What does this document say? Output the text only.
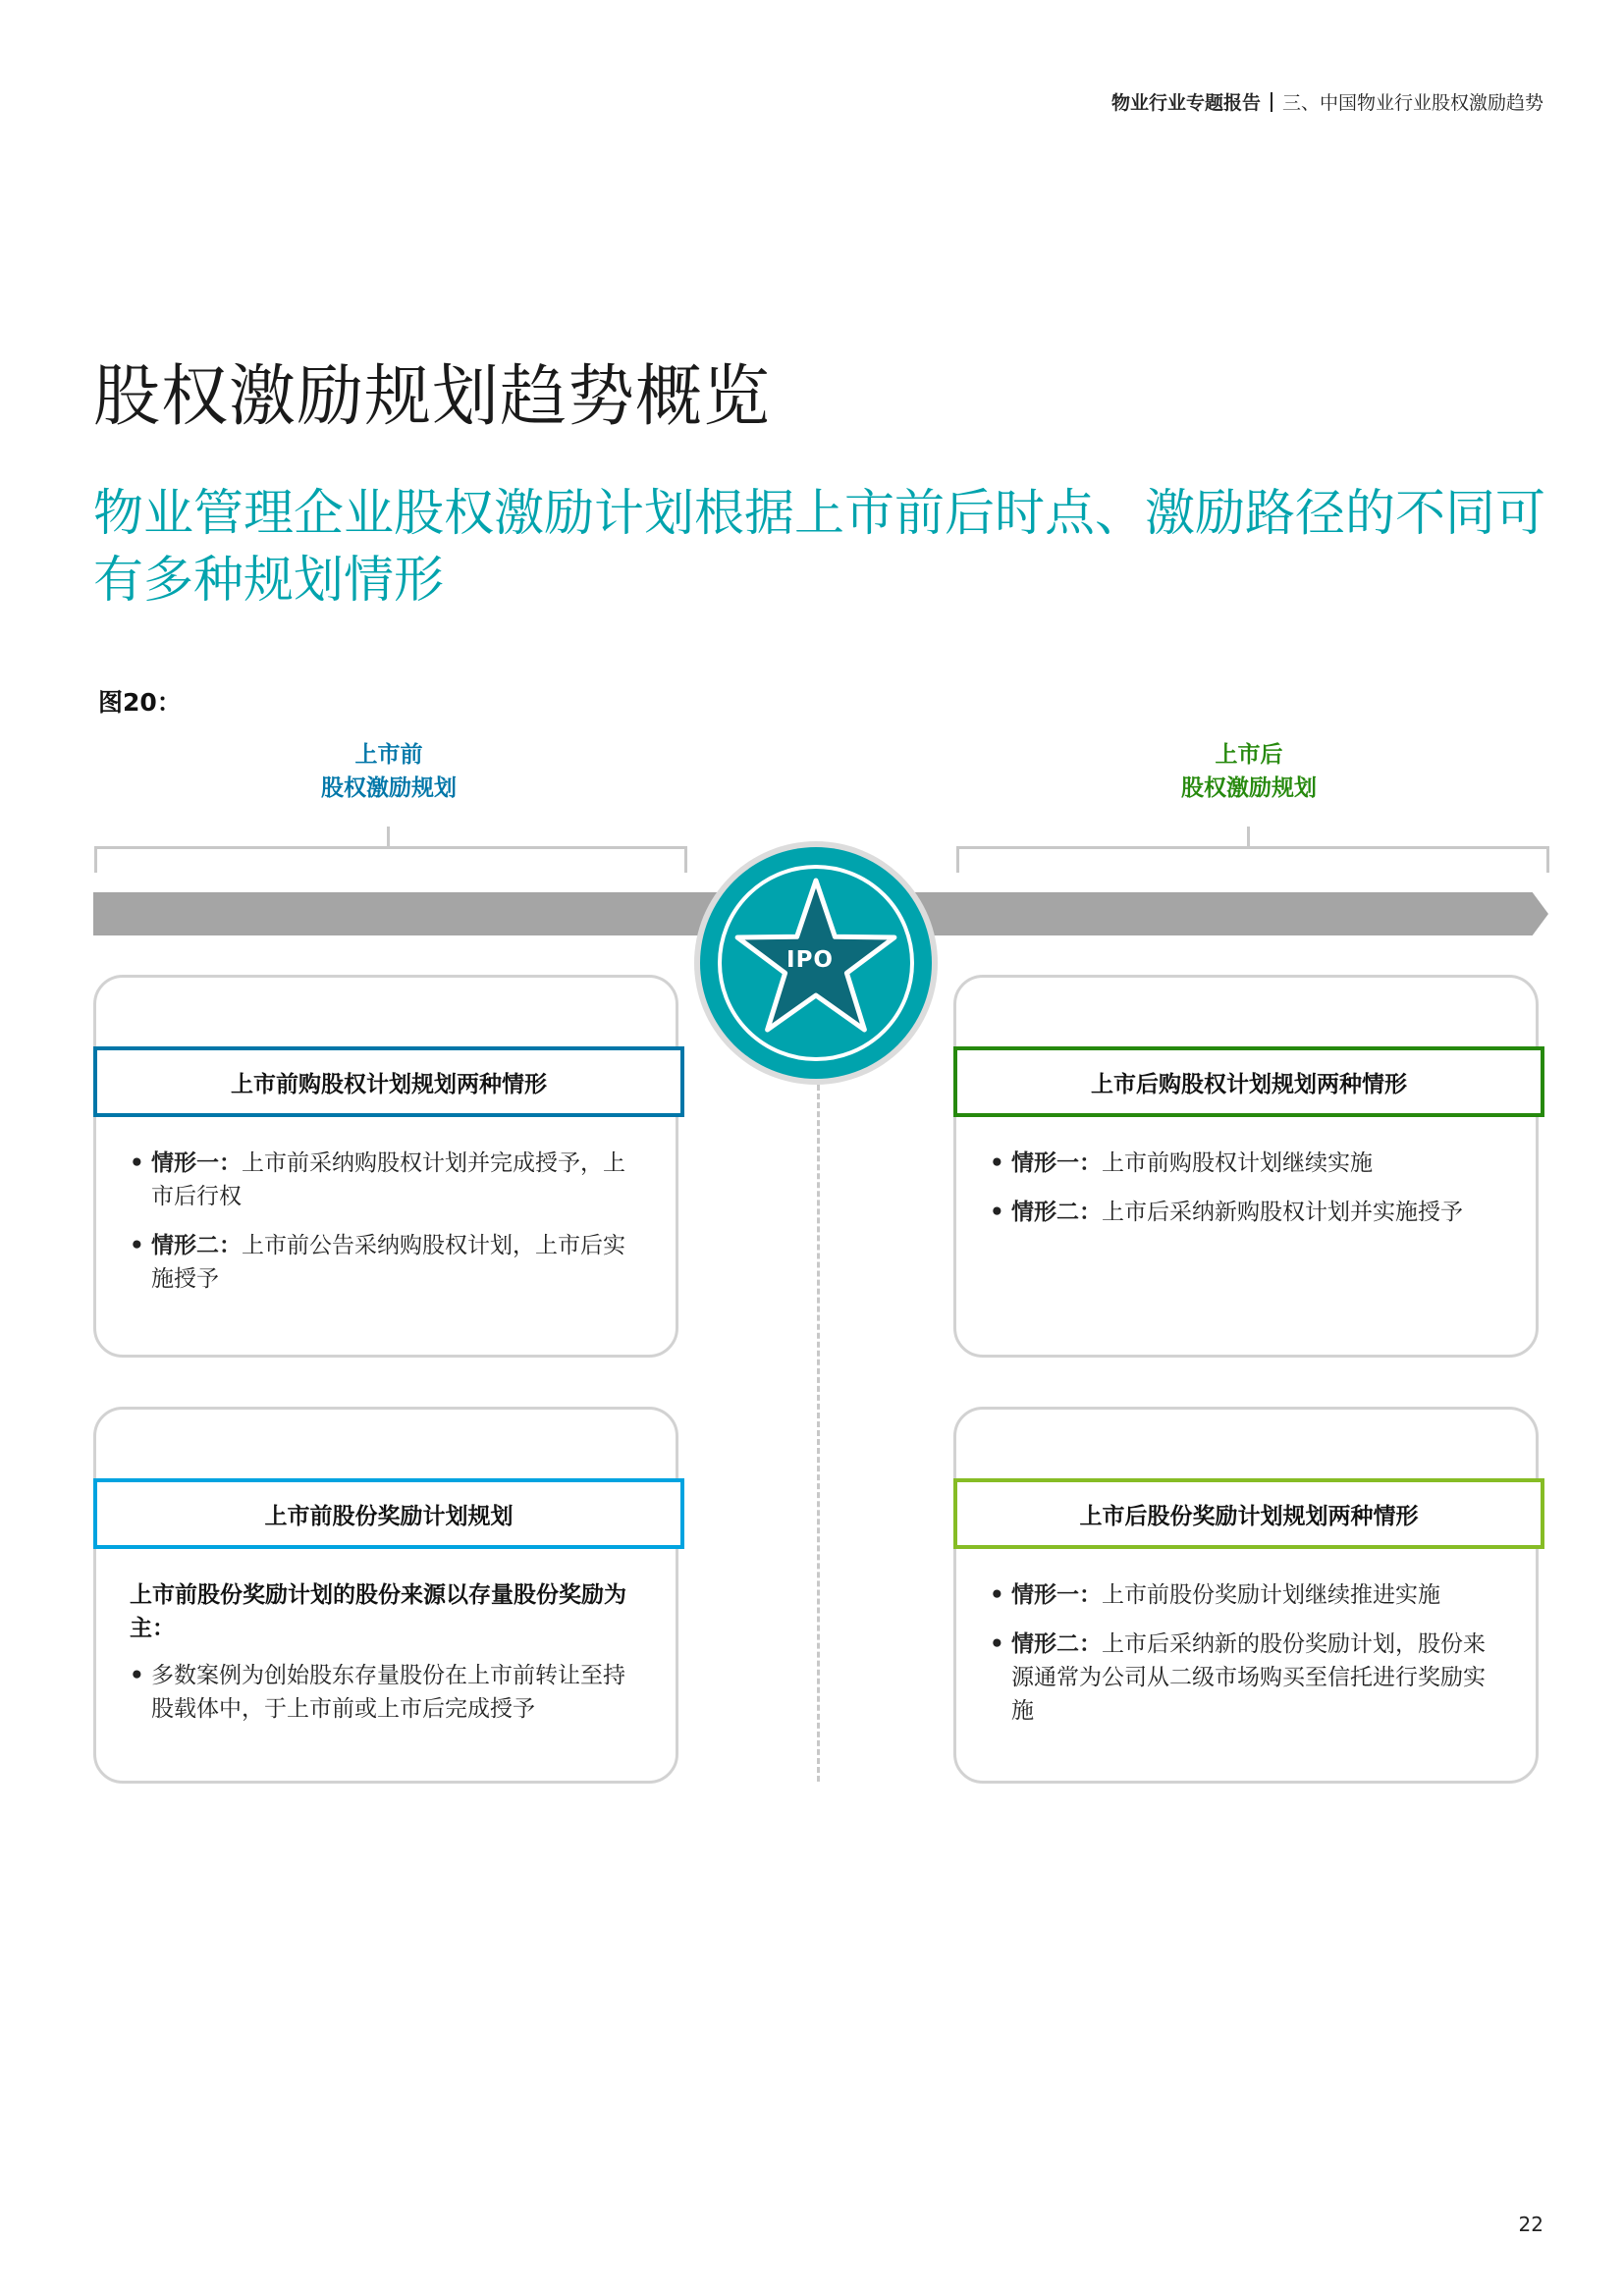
物业行业专题报告 三、中国物业行业股权激励趋势
股权激励规划趋势概览

物业管理企业股权激励计划根据上市前后时点、激励路径的不同可有多种规划情形

图20：
上市前
股权激励规划
上市后
股权激励规划
IPO
上市前购股权计划规划两种情形
• 情形一：上市前采纳购股权计划并完成授予，上市后行权
• 情形二：上市前公告采纳购股权计划，上市后实施授予
上市后购股权计划规划两种情形
• 情形一：上市前购股权计划继续实施
• 情形二：上市后采纳新购股权计划并实施授予
上市前股份奖励计划规划

上市前股份奖励计划的股份来源以存量股份奖励为主：

• 多数案例为创始股东存量股份在上市前转让至持股载体中，于上市前或上市后完成授予
上市后股份奖励计划规划两种情形
• 情形一：上市前股份奖励计划继续推进实施
• 情形二：上市后采纳新的股份奖励计划，股份来源通常为公司从二级市场购买至信托进行奖励实施
22
